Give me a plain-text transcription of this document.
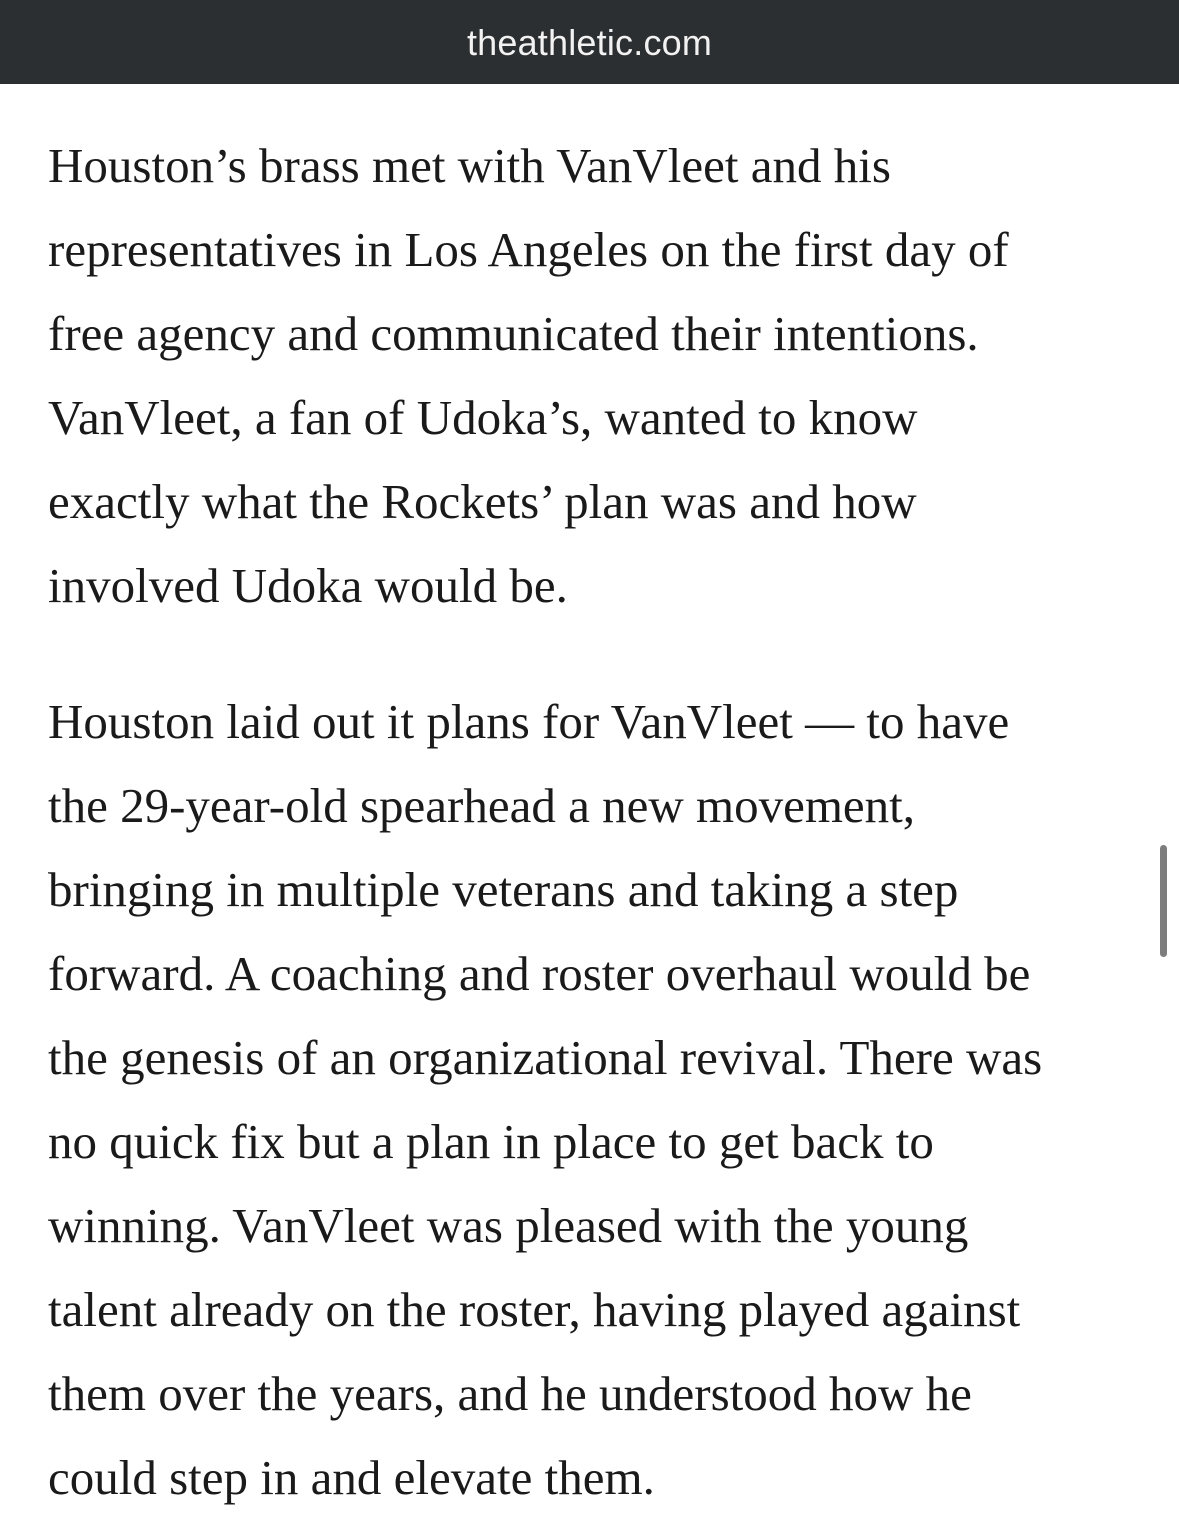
theathletic.com

Houston’s brass met with VanVleet and his
representatives in Los Angeles on the first day of
free agency and communicated their intentions.
VanVleet, a fan of Udoka’s, wanted to know
exactly what the Rockets’ plan was and how
involved Udoka would be.

Houston laid out it plans for VanVleet — to have
the 29-year-old spearhead a new movement,
bringing in multiple veterans and taking a step
forward. A coaching and roster overhaul would be
the genesis of an organizational revival. There was
no quick fix but a plan in place to get back to
winning. VanVleet was pleased with the young
talent already on the roster, having played against
them over the years, and he understood how he
could step in and elevate them.
